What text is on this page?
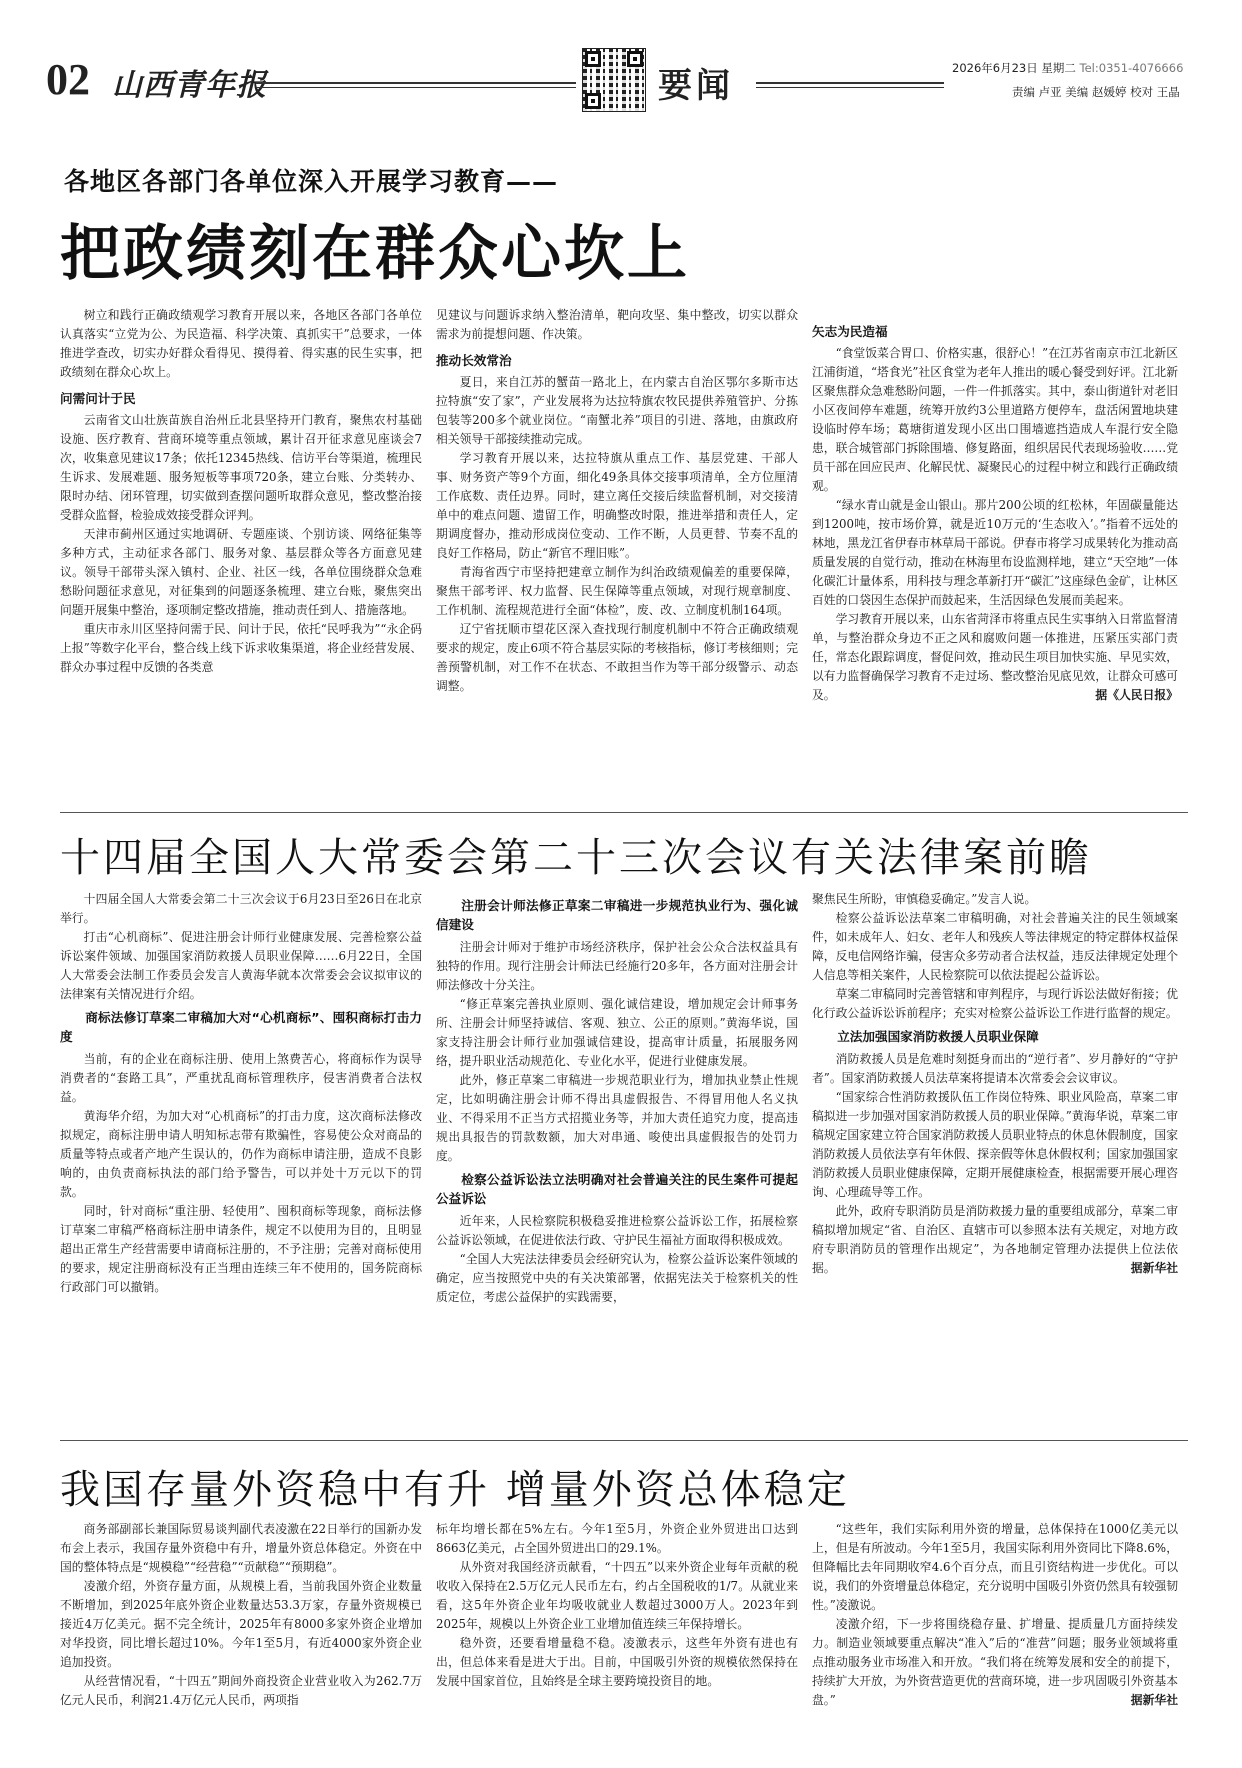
02 山西青年报	要闻	2026年6月23日 星期二 Tel:0351-4076666
责编 卢亚 美编 赵媛婷 校对 王晶
各地区各部门各单位深入开展学习教育——
把政绩刻在群众心坎上

树立和践行正确政绩观学习教育开展以来，各地区各部门各单位认真落实“立党为公、为民造福、科学决策、真抓实干”总要求，一体推进学查改，切实办好群众看得见、摸得着、得实惠的民生实事，把政绩刻在群众心坎上。

问需问计于民

云南省文山壮族苗族自治州丘北县坚持开门教育，聚焦农村基础设施、医疗教育、营商环境等重点领域，累计召开征求意见座谈会7次，收集意见建议17条；依托12345热线、信访平台等渠道，梳理民生诉求、发展难题、服务短板等事项720条，建立台账、分类转办、限时办结、闭环管理，切实做到查摆问题听取群众意见，整改整治接受群众监督，检验成效接受群众评判。

天津市蓟州区通过实地调研、专题座谈、个别访谈、网络征集等多种方式，主动征求各部门、服务对象、基层群众等各方面意见建议。领导干部带头深入镇村、企业、社区一线，各单位围绕群众急难愁盼问题征求意见，对征集到的问题逐条梳理、建立台账，聚焦突出问题开展集中整治，逐项制定整改措施，推动责任到人、措施落地。

重庆市永川区坚持问需于民、问计于民，依托“民呼我为”“永企码上报”等数字化平台，整合线上线下诉求收集渠道，将企业经营发展、群众办事过程中反馈的各类意

见建议与问题诉求纳入整治清单，靶向攻坚、集中整改，切实以群众需求为前提想问题、作决策。

推动长效常治

夏日，来自江苏的蟹苗一路北上，在内蒙古自治区鄂尔多斯市达拉特旗“安了家”，产业发展将为达拉特旗农牧民提供养殖管护、分拣包装等200多个就业岗位。“南蟹北养”项目的引进、落地，由旗政府相关领导干部接续推动完成。

学习教育开展以来，达拉特旗从重点工作、基层党建、干部人事、财务资产等9个方面，细化49条具体交接事项清单，全方位厘清工作底数、责任边界。同时，建立离任交接后续监督机制，对交接清单中的难点问题、遗留工作，明确整改时限，推进举措和责任人，定期调度督办，推动形成岗位变动、工作不断，人员更替、节奏不乱的良好工作格局，防止“新官不理旧账”。

青海省西宁市坚持把建章立制作为纠治政绩观偏差的重要保障，聚焦干部考评、权力监督、民生保障等重点领域，对现行规章制度、工作机制、流程规范进行全面“体检”，废、改、立制度机制164项。

辽宁省抚顺市望花区深入查找现行制度机制中不符合正确政绩观要求的规定，废止6项不符合基层实际的考核指标，修订考核细则；完善预警机制，对工作不在状态、不敢担当作为等干部分级警示、动态调整。

矢志为民造福

“食堂饭菜合胃口、价格实惠，很舒心！”在江苏省南京市江北新区江浦街道，“塔食光”社区食堂为老年人推出的暖心餐受到好评。江北新区聚焦群众急难愁盼问题，一件一件抓落实。其中，泰山街道针对老旧小区夜间停车难题，统筹开放约3公里道路方便停车，盘活闲置地块建设临时停车场；葛塘街道发现小区出口围墙遮挡造成人车混行安全隐患，联合城管部门拆除围墙、修复路面，组织居民代表现场验收……党员干部在回应民声、化解民忧、凝聚民心的过程中树立和践行正确政绩观。

“绿水青山就是金山银山。那片200公顷的红松林，年固碳量能达到1200吨，按市场价算，就是近10万元的‘生态收入’。”指着不远处的林地，黑龙江省伊春市林草局干部说。伊春市将学习成果转化为推动高质量发展的自觉行动，推动在林海里布设监测样地，建立“天空地”一体化碳汇计量体系，用科技与理念革新打开“碳汇”这座绿色金矿，让林区百姓的口袋因生态保护而鼓起来，生活因绿色发展而美起来。

学习教育开展以来，山东省菏泽市将重点民生实事纳入日常监督清单，与整治群众身边不正之风和腐败问题一体推进，压紧压实部门责任，常态化跟踪调度，督促问效，推动民生项目加快实施、早见实效，以有力监督确保学习教育不走过场、整改整治见底见效，让群众可感可及。	据《人民日报》
十四届全国人大常委会第二十三次会议有关法律案前瞻

十四届全国人大常委会第二十三次会议于6月23日至26日在北京举行。

打击“心机商标”、促进注册会计师行业健康发展、完善检察公益诉讼案件领域、加强国家消防救援人员职业保障……6月22日，全国人大常委会法制工作委员会发言人黄海华就本次常委会会议拟审议的法律案有关情况进行介绍。

商标法修订草案二审稿加大对“心机商标”、囤积商标打击力度

当前，有的企业在商标注册、使用上煞费苦心，将商标作为误导消费者的“套路工具”，严重扰乱商标管理秩序，侵害消费者合法权益。

黄海华介绍，为加大对“心机商标”的打击力度，这次商标法修改拟规定，商标注册申请人明知标志带有欺骗性，容易使公众对商品的质量等特点或者产地产生误认的，仍作为商标申请注册，造成不良影响的，由负责商标执法的部门给予警告，可以并处十万元以下的罚款。

同时，针对商标“重注册、轻使用”、囤积商标等现象，商标法修订草案二审稿严格商标注册申请条件，规定不以使用为目的，且明显超出正常生产经营需要申请商标注册的，不予注册；完善对商标使用的要求，规定注册商标没有正当理由连续三年不使用的，国务院商标行政部门可以撤销。

注册会计师法修正草案二审稿进一步规范执业行为、强化诚信建设

注册会计师对于维护市场经济秩序，保护社会公众合法权益具有独特的作用。现行注册会计师法已经施行20多年，各方面对注册会计师法修改十分关注。

“修正草案完善执业原则、强化诚信建设，增加规定会计师事务所、注册会计师坚持诚信、客观、独立、公正的原则。”黄海华说，国家支持注册会计师行业加强诚信建设，提高审计质量，拓展服务网络，提升职业活动规范化、专业化水平，促进行业健康发展。

此外，修正草案二审稿进一步规范职业行为，增加执业禁止性规定，比如明确注册会计师不得出具虚假报告、不得冒用他人名义执业、不得采用不正当方式招揽业务等，并加大责任追究力度，提高违规出具报告的罚款数额，加大对串通、唆使出具虚假报告的处罚力度。

检察公益诉讼法立法明确对社会普遍关注的民生案件可提起公益诉讼

近年来，人民检察院积极稳妥推进检察公益诉讼工作，拓展检察公益诉讼领域，在促进依法行政、守护民生福祉方面取得积极成效。

“全国人大宪法法律委员会经研究认为，检察公益诉讼案件领域的确定，应当按照党中央的有关决策部署，依据宪法关于检察机关的性质定位，考虑公益保护的实践需要，

聚焦民生所盼，审慎稳妥确定。”发言人说。

检察公益诉讼法草案二审稿明确，对社会普遍关注的民生领域案件，如未成年人、妇女、老年人和残疾人等法律规定的特定群体权益保障，反电信网络诈骗，侵害众多劳动者合法权益，违反法律规定处理个人信息等相关案件，人民检察院可以依法提起公益诉讼。

草案二审稿同时完善管辖和审判程序，与现行诉讼法做好衔接；优化行政公益诉讼诉前程序；充实对检察公益诉讼工作进行监督的规定。

立法加强国家消防救援人员职业保障

消防救援人员是危难时刻挺身而出的“逆行者”、岁月静好的“守护者”。国家消防救援人员法草案将提请本次常委会会议审议。

“国家综合性消防救援队伍工作岗位特殊、职业风险高，草案二审稿拟进一步加强对国家消防救援人员的职业保障。”黄海华说，草案二审稿规定国家建立符合国家消防救援人员职业特点的休息休假制度，国家消防救援人员依法享有年休假、探亲假等休息休假权利；国家加强国家消防救援人员职业健康保障，定期开展健康检查，根据需要开展心理咨询、心理疏导等工作。

此外，政府专职消防员是消防救援力量的重要组成部分，草案二审稿拟增加规定“省、自治区、直辖市可以参照本法有关规定，对地方政府专职消防员的管理作出规定”，为各地制定管理办法提供上位法依据。	据新华社
我国存量外资稳中有升 增量外资总体稳定

商务部副部长兼国际贸易谈判副代表凌激在22日举行的国新办发布会上表示，我国存量外资稳中有升，增量外资总体稳定。外资在中国的整体特点是“规模稳”“经营稳”“贡献稳”“预期稳”。

凌激介绍，外资存量方面，从规模上看，当前我国外资企业数量不断增加，到2025年底外资企业数量达53.3万家，存量外资规模已接近4万亿美元。据不完全统计，2025年有8000多家外资企业增加对华投资，同比增长超过10%。今年1至5月，有近4000家外资企业追加投资。

从经营情况看，“十四五”期间外商投资企业营业收入为262.7万亿元人民币，利润21.4万亿元人民币，两项指

标年均增长都在5%左右。今年1至5月，外资企业外贸进出口达到8663亿美元，占全国外贸进出口的29.1%。

从外资对我国经济贡献看，“十四五”以来外资企业每年贡献的税收收入保持在2.5万亿元人民币左右，约占全国税收的1/7。从就业来看，这5年外资企业年均吸收就业人数超过3000万人。2023年到2025年，规模以上外资企业工业增加值连续三年保持增长。

稳外资，还要看增量稳不稳。凌激表示，这些年外资有进也有出，但总体来看是进大于出。目前，中国吸引外资的规模依然保持在发展中国家首位，且始终是全球主要跨境投资目的地。

“这些年，我们实际利用外资的增量，总体保持在1000亿美元以上，但是有所波动。今年1至5月，我国实际利用外资同比下降8.6%，但降幅比去年同期收窄4.6个百分点，而且引资结构进一步优化。可以说，我们的外资增量总体稳定，充分说明中国吸引外资仍然具有较强韧性。”凌激说。

凌激介绍，下一步将围绕稳存量、扩增量、提质量几方面持续发力。制造业领域要重点解决“准入”后的“准营”问题；服务业领域将重点推动服务业市场准入和开放。“我们将在统筹发展和安全的前提下，持续扩大开放，为外资营造更优的营商环境，进一步巩固吸引外资基本盘。”	据新华社
